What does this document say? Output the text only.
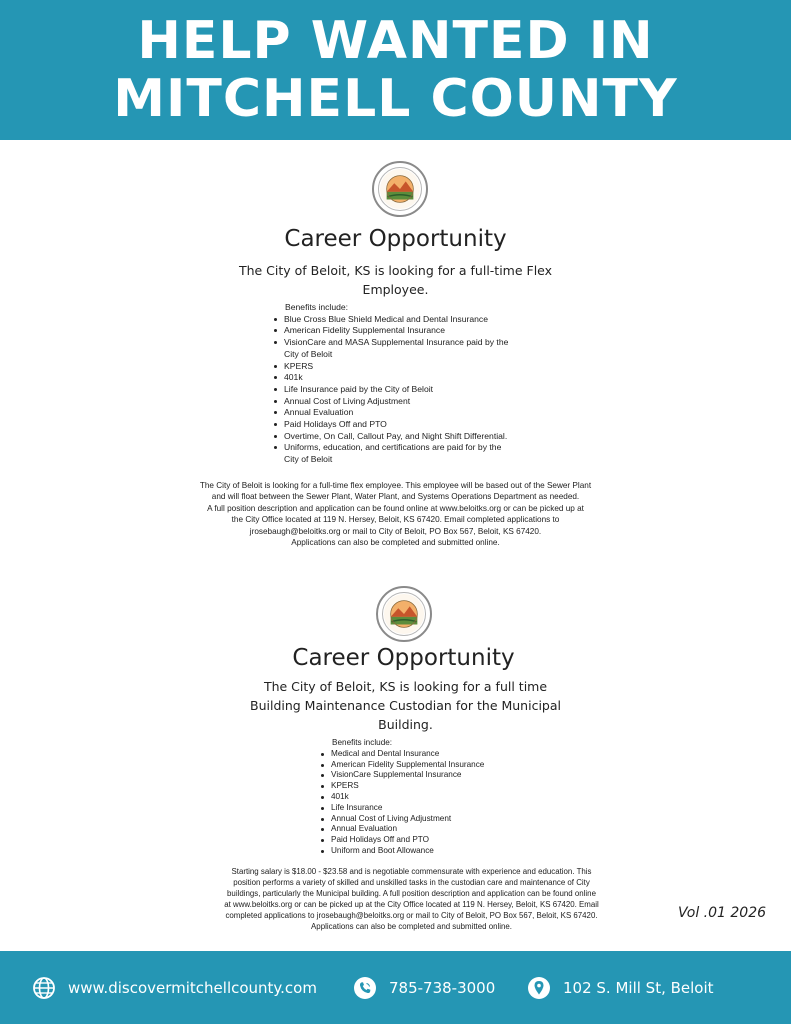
HELP WANTED IN
MITCHELL COUNTY
Career Opportunity
The City of Beloit, KS is looking for a full-time Flex
Employee.
Benefits include:
Blue Cross Blue Shield Medical and Dental Insurance
American Fidelity Supplemental Insurance
VisionCare and MASA Supplemental Insurance paid by the
City of Beloit
KPERS
401k
Life Insurance paid by the City of Beloit
Annual Cost of Living Adjustment
Annual Evaluation
Paid Holidays Off and PTO
Overtime, On Call, Callout Pay, and Night Shift Differential.
Uniforms, education, and certifications are paid for by the
City of Beloit
The City of Beloit is looking for a full-time flex employee. This employee will be based out of the Sewer Plant
and will float between the Sewer Plant, Water Plant, and Systems Operations Department as needed.
A full position description and application can be found online at www.beloitks.org or can be picked up at
the City Office located at 119 N. Hersey, Beloit, KS 67420. Email completed applications to
jrosebaugh@beloitks.org or mail to City of Beloit, PO Box 567, Beloit, KS 67420.
Applications can also be completed and submitted online.
Career Opportunity
The City of Beloit, KS is looking for a full time
Building Maintenance Custodian for the Municipal
Building.
Benefits include:
Medical and Dental Insurance
American Fidelity Supplemental Insurance
VisionCare Supplemental Insurance
KPERS
401k
Life Insurance
Annual Cost of Living Adjustment
Annual Evaluation
Paid Holidays Off and PTO
Uniform and Boot Allowance
Starting salary is $18.00 - $23.58 and is negotiable commensurate with experience and education. This
position performs a variety of skilled and unskilled tasks in the custodian care and maintenance of City
buildings, particularly the Municipal building. A full position description and application can be found online
at www.beloitks.org or can be picked up at the City Office located at 119 N. Hersey, Beloit, KS 67420. Email
completed applications to jrosebaugh@beloitks.org or mail to City of Beloit, PO Box 567, Beloit, KS 67420.
Applications can also be completed and submitted online.
Vol .01 2026
www.discovermitchellcounty.com	785-738-3000	102 S. Mill St, Beloit
